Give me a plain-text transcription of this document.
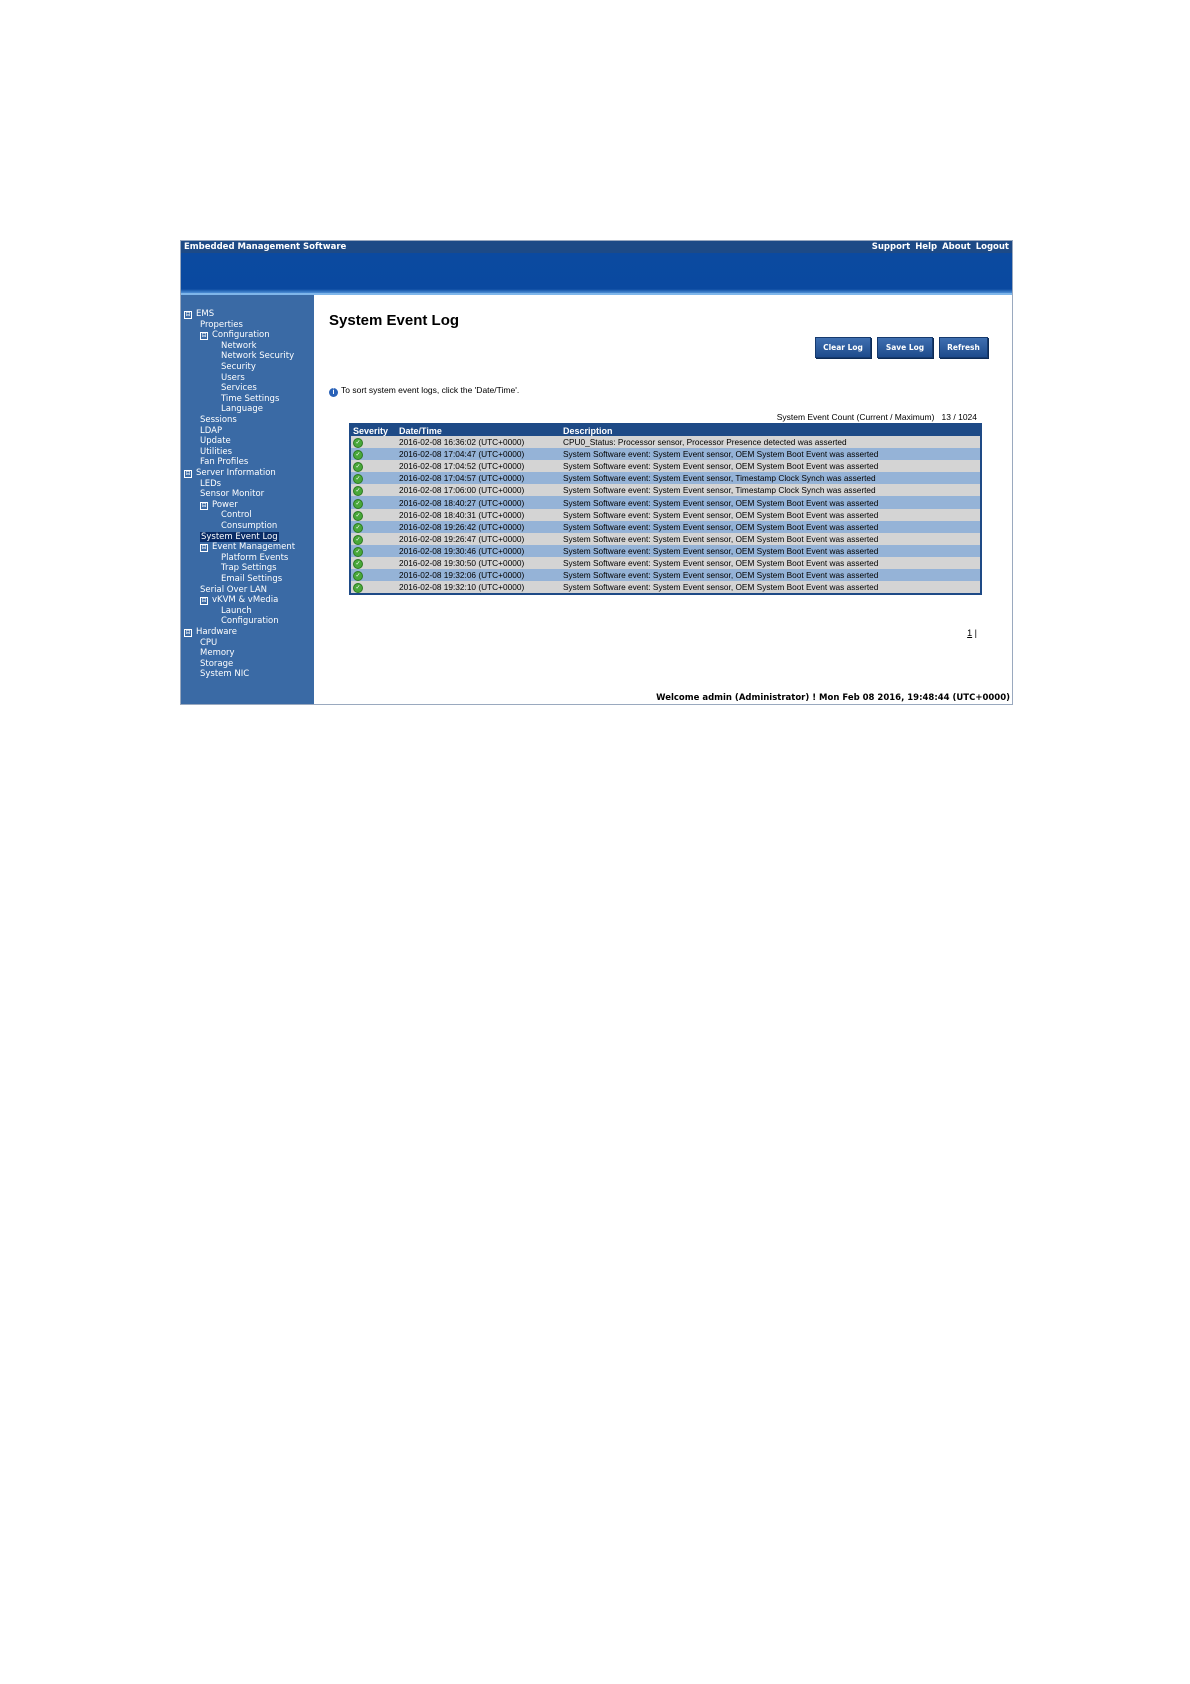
Embedded Management Software	Support Help About Logout
⊟ EMS
Properties
⊟ Configuration
Network
Network Security
Security
Users
Services
Time Settings
Language
Sessions
LDAP
Update
Utilities
Fan Profiles
⊟ Server Information
LEDs
Sensor Monitor
⊟ Power
Control
Consumption
System Event Log
⊟ Event Management
Platform Events
Trap Settings
Email Settings
Serial Over LAN
⊟ vKVM & vMedia
Launch
Configuration
⊟ Hardware
CPU
Memory
Storage
System NIC
System Event Log
Clear Log	Save Log	Refresh
i To sort system event logs, click the 'Date/Time'.
System Event Count (Current / Maximum) 13 / 1024
Severity	Date/Time	Description
✓	2016-02-08 16:36:02 (UTC+0000)	CPU0_Status: Processor sensor, Processor Presence detected was asserted
✓	2016-02-08 17:04:47 (UTC+0000)	System Software event: System Event sensor, OEM System Boot Event was asserted
✓	2016-02-08 17:04:52 (UTC+0000)	System Software event: System Event sensor, OEM System Boot Event was asserted
✓	2016-02-08 17:04:57 (UTC+0000)	System Software event: System Event sensor, Timestamp Clock Synch was asserted
✓	2016-02-08 17:06:00 (UTC+0000)	System Software event: System Event sensor, Timestamp Clock Synch was asserted
✓	2016-02-08 18:40:27 (UTC+0000)	System Software event: System Event sensor, OEM System Boot Event was asserted
✓	2016-02-08 18:40:31 (UTC+0000)	System Software event: System Event sensor, OEM System Boot Event was asserted
✓	2016-02-08 19:26:42 (UTC+0000)	System Software event: System Event sensor, OEM System Boot Event was asserted
✓	2016-02-08 19:26:47 (UTC+0000)	System Software event: System Event sensor, OEM System Boot Event was asserted
✓	2016-02-08 19:30:46 (UTC+0000)	System Software event: System Event sensor, OEM System Boot Event was asserted
✓	2016-02-08 19:30:50 (UTC+0000)	System Software event: System Event sensor, OEM System Boot Event was asserted
✓	2016-02-08 19:32:06 (UTC+0000)	System Software event: System Event sensor, OEM System Boot Event was asserted
✓	2016-02-08 19:32:10 (UTC+0000)	System Software event: System Event sensor, OEM System Boot Event was asserted
1 |
Welcome admin (Administrator) ! Mon Feb 08 2016, 19:48:44 (UTC+0000)
